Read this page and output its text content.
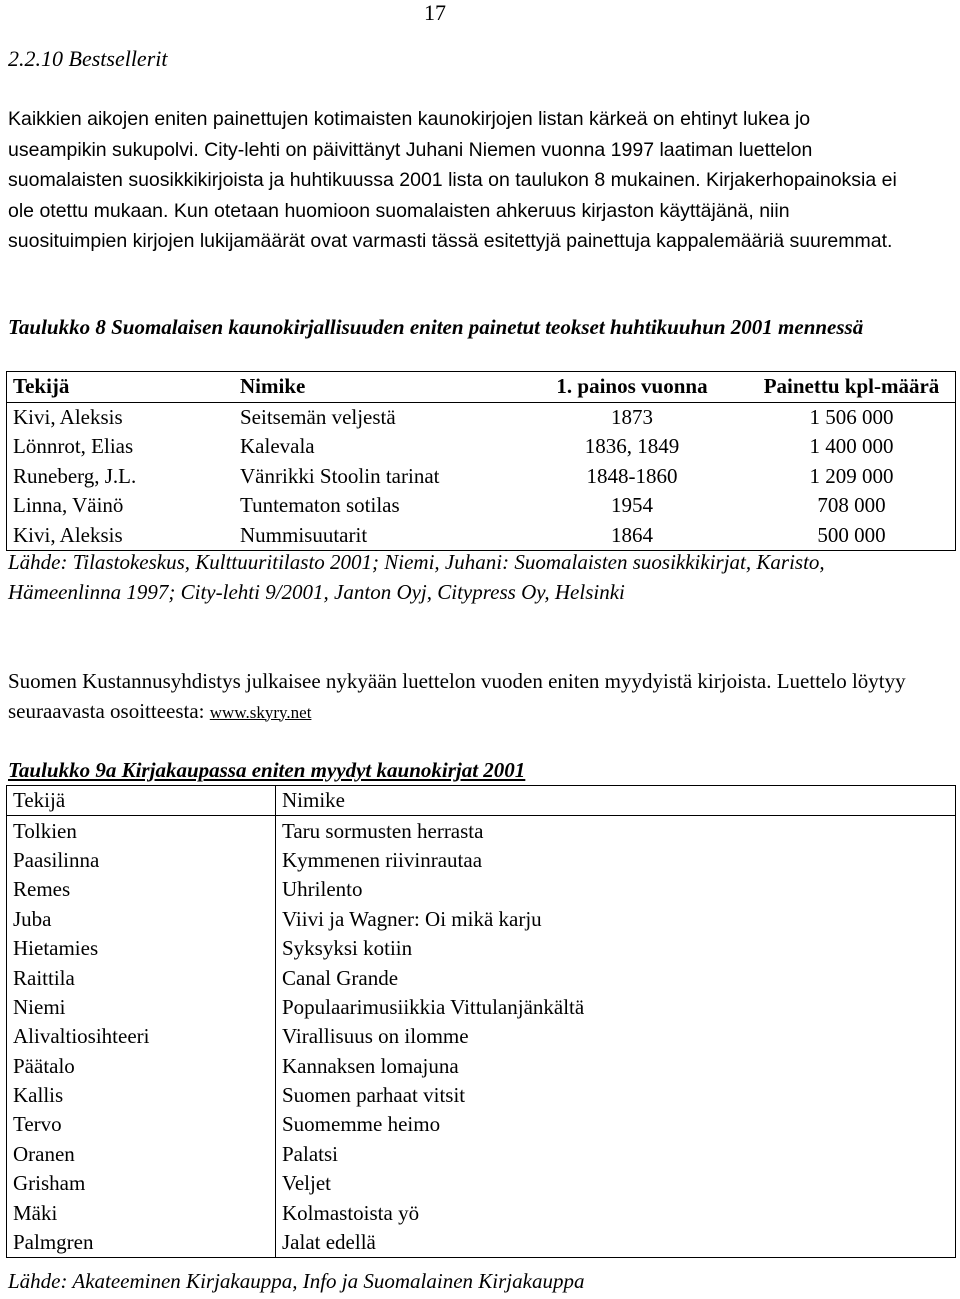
17
2.2.10 Bestsellerit
Kaikkien aikojen eniten painettujen kotimaisten kaunokirjojen listan kärkeä on ehtinyt lukea jo useampikin sukupolvi. City-lehti on päivittänyt Juhani Niemen vuonna 1997 laatiman luettelon suomalaisten suosikkikirjoista ja huhtikuussa 2001 lista on taulukon 8 mukainen. Kirjakerhopainoksia ei ole otettu mukaan. Kun otetaan huomioon suomalaisten ahkeruus kirjaston käyttäjänä, niin suosituimpien kirjojen lukijamäärät ovat varmasti tässä esitettyjä painettuja kappalemääriä suuremmat.
Taulukko 8 Suomalaisen kaunokirjallisuuden eniten painetut teokset huhtikuuhun 2001 mennessä
Tekijä	Nimike	1. painos vuonna	Painettu kpl-määrä
Kivi, Aleksis	Seitsemän veljestä	1873	1 506 000
Lönnrot, Elias	Kalevala	1836, 1849	1 400 000
Runeberg, J.L.	Vänrikki Stoolin tarinat	1848-1860	1 209 000
Linna, Väinö	Tuntematon sotilas	1954	708 000
Kivi, Aleksis	Nummisuutarit	1864	500 000
Lähde: Tilastokeskus, Kulttuuritilasto 2001; Niemi, Juhani: Suomalaisten suosikkikirjat, Karisto, Hämeenlinna 1997; City-lehti 9/2001, Janton Oyj, Citypress Oy, Helsinki
Suomen Kustannusyhdistys julkaisee nykyään luettelon vuoden eniten myydyistä kirjoista. Luettelo löytyy seuraavasta osoitteesta: www.skyry.net
Taulukko 9a Kirjakaupassa eniten myydyt kaunokirjat 2001
Tekijä	Nimike
Tolkien	Taru sormusten herrasta
Paasilinna	Kymmenen riivinrautaa
Remes	Uhrilento
Juba	Viivi ja Wagner: Oi mikä karju
Hietamies	Syksyksi kotiin
Raittila	Canal Grande
Niemi	Populaarimusiikkia Vittulanjänkältä
Alivaltiosihteeri	Virallisuus on ilomme
Päätalo	Kannaksen lomajuna
Kallis	Suomen parhaat vitsit
Tervo	Suomemme heimo
Oranen	Palatsi
Grisham	Veljet
Mäki	Kolmastoista yö
Palmgren	Jalat edellä
Lähde: Akateeminen Kirjakauppa, Info ja Suomalainen Kirjakauppa
